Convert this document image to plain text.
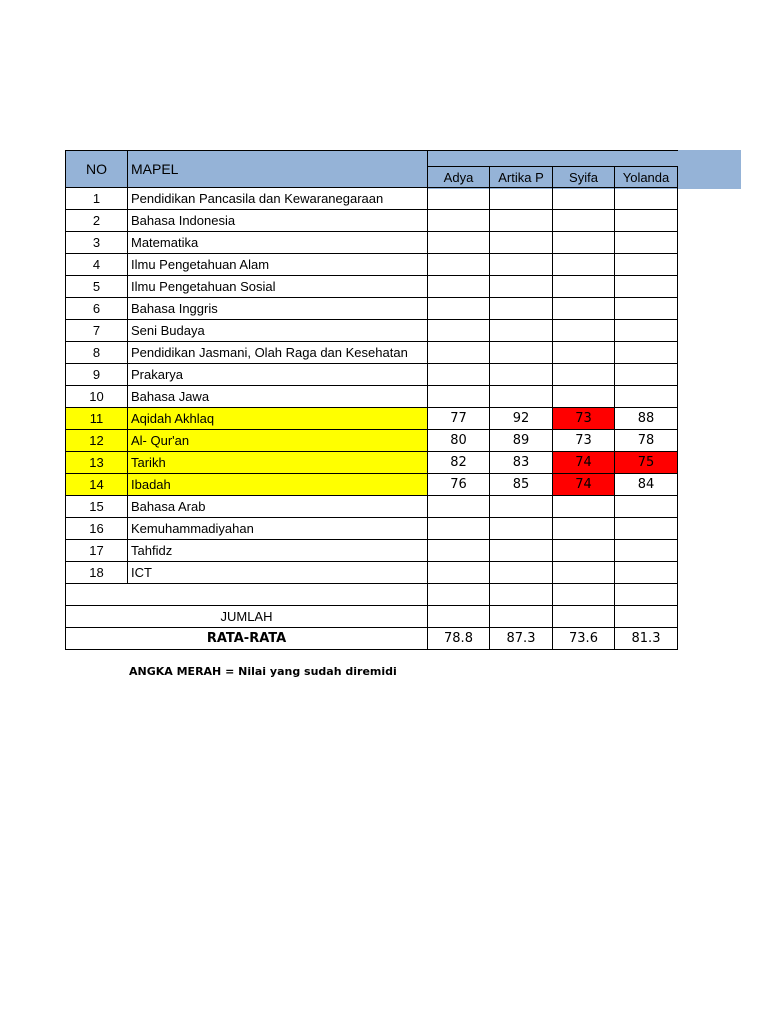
NO	MAPEL				
		Adya	Artika P	Syifa	Yolanda
1	Pendidikan Pancasila dan Kewaranegaraan				
2	Bahasa Indonesia				
3	Matematika				
4	Ilmu Pengetahuan Alam				
5	Ilmu Pengetahuan Sosial				
6	Bahasa Inggris				
7	Seni Budaya				
8	Pendidikan Jasmani, Olah Raga dan Kesehatan				
9	Prakarya				
10	Bahasa Jawa				
11	Aqidah Akhlaq	77	92	73	88
12	Al- Qur'an	80	89	73	78
13	Tarikh	82	83	74	75
14	Ibadah	76	85	74	84
15	Bahasa Arab				
16	Kemuhammadiyahan				
17	Tahfidz				
18	ICT				

JUMLAH					
RATA-RATA		78.8	87.3	73.6	81.3
ANGKA MERAH = Nilai yang sudah diremidi
